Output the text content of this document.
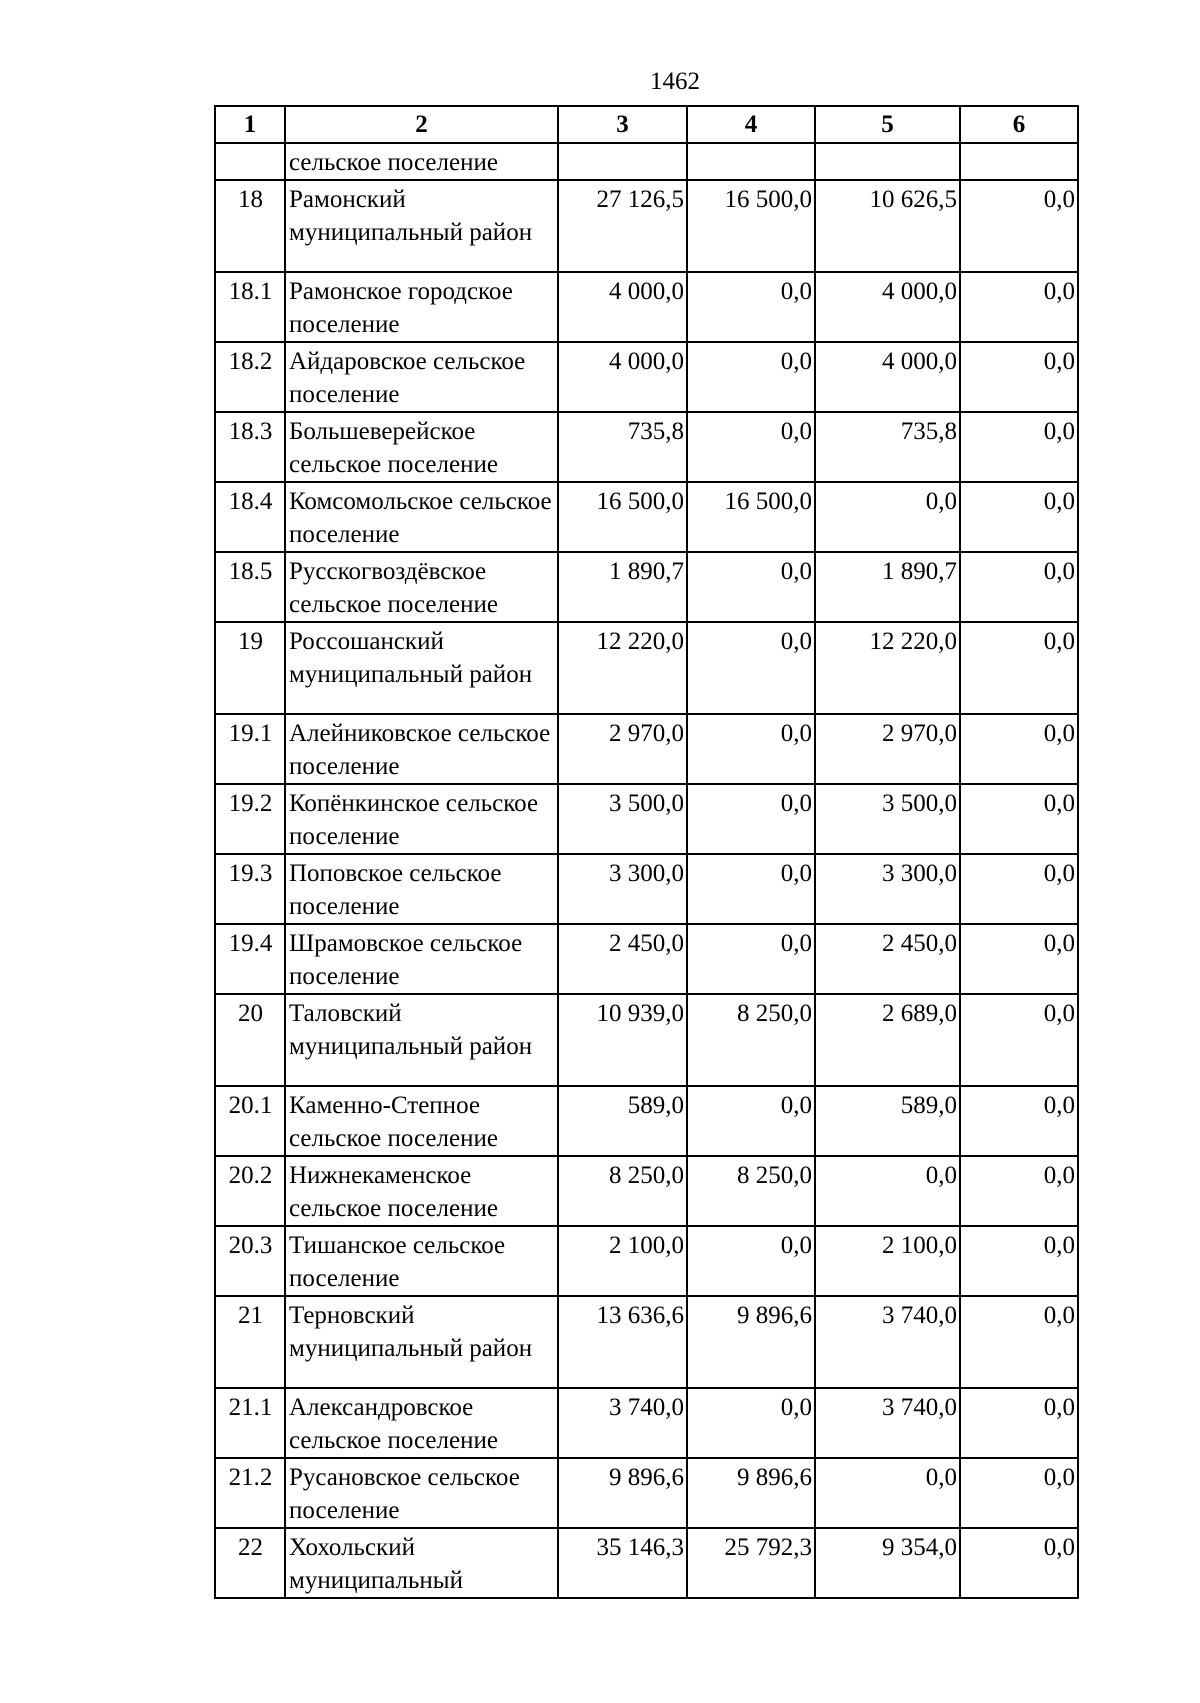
1462
1	2	3	4	5	6
	сельское поселение				
18	Рамонский муниципальный район	27 126,5	16 500,0	10 626,5	0,0
18.1	Рамонское городское поселение	4 000,0	0,0	4 000,0	0,0
18.2	Айдаровское сельское поселение	4 000,0	0,0	4 000,0	0,0
18.3	Большеверейское сельское поселение	735,8	0,0	735,8	0,0
18.4	Комсомольское сельское поселение	16 500,0	16 500,0	0,0	0,0
18.5	Русскогвоздёвское сельское поселение	1 890,7	0,0	1 890,7	0,0
19	Россошанский муниципальный район	12 220,0	0,0	12 220,0	0,0
19.1	Алейниковское сельское поселение	2 970,0	0,0	2 970,0	0,0
19.2	Копёнкинское сельское поселение	3 500,0	0,0	3 500,0	0,0
19.3	Поповское сельское поселение	3 300,0	0,0	3 300,0	0,0
19.4	Шрамовское сельское поселение	2 450,0	0,0	2 450,0	0,0
20	Таловский муниципальный район	10 939,0	8 250,0	2 689,0	0,0
20.1	Каменно-Степное сельское поселение	589,0	0,0	589,0	0,0
20.2	Нижнекаменское сельское поселение	8 250,0	8 250,0	0,0	0,0
20.3	Тишанское сельское поселение	2 100,0	0,0	2 100,0	0,0
21	Терновский муниципальный район	13 636,6	9 896,6	3 740,0	0,0
21.1	Александровское сельское поселение	3 740,0	0,0	3 740,0	0,0
21.2	Русановское сельское поселение	9 896,6	9 896,6	0,0	0,0
22	Хохольский муниципальный	35 146,3	25 792,3	9 354,0	0,0
